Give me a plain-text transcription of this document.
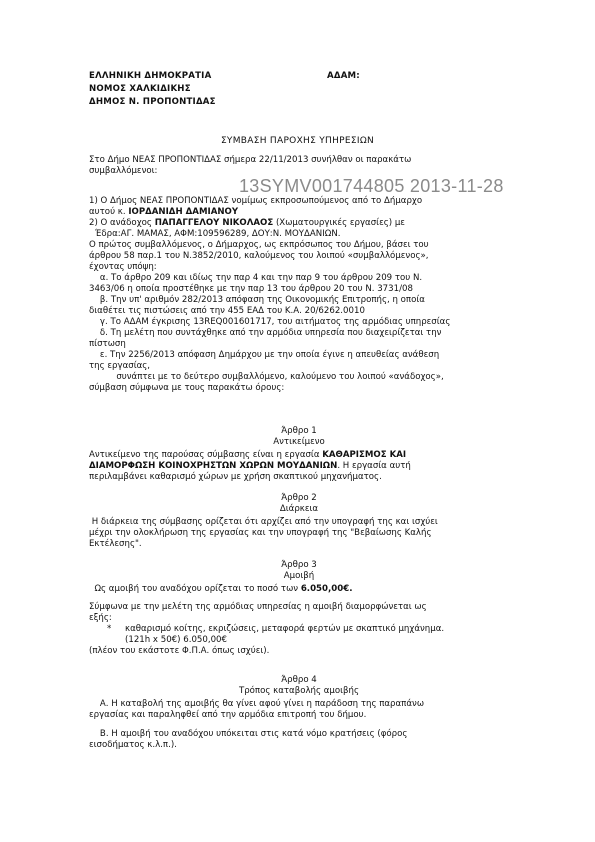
ΕΛΛΗΝΙΚΗ ΔΗΜΟΚΡΑΤΙΑ
ΝΟΜΟΣ ΧΑΛΚΙΔΙΚΗΣ
ΔΗΜΟΣ Ν. ΠΡΟΠΟΝΤΙΔΑΣ
ΑΔΑΜ:
ΣΥΜΒΑΣΗ ΠΑΡΟΧΗΣ ΥΠΗΡΕΣΙΩΝ

Στο Δήμο ΝΕΑΣ ΠΡΟΠΟΝΤΙΔΑΣ σήμερα 22/11/2013 συνήλθαν οι παρακάτω

συμβαλλόμενοι:

13SYMV001744805 2013-11-28

1) Ο Δήμος ΝΕΑΣ ΠΡΟΠΟΝΤΙΔΑΣ νομίμως εκπροσωπούμενος από το Δήμαρχο

αυτού κ. ΙΟΡΔΑΝΙΔΗ ΔΑΜΙΑΝΟΥ

2) Ο ανάδοχος ΠΑΠΑΓΓΕΛΟΥ ΝΙΚΟΛΑΟΣ (Χωματουργικές εργασίες) με

Έδρα:ΑΓ. ΜΑΜΑΣ, ΑΦΜ:109596289, ΔΟΥ:Ν. ΜΟΥΔΑΝΙΩΝ.

Ο πρώτος συμβαλλόμενος, ο Δήμαρχος, ως εκπρόσωπος του Δήμου, βάσει του

άρθρου 58 παρ.1 του Ν.3852/2010, καλούμενος του λοιπού «συμβαλλόμενος»,

έχοντας υπόψη:

α. Το άρθρο 209 και ιδίως την παρ 4 και την παρ 9 του άρθρου 209 του Ν.

3463/06 η οποία προστέθηκε με την παρ 13 του άρθρου 20 του Ν. 3731/08

β. Την υπ' αριθμόν 282/2013 απόφαση της Οικονομικής Επιτροπής, η οποία

διαθέτει τις πιστώσεις από την 455 ΕΑΔ του Κ.Α. 20/6262.0010

γ. Το ΑΔΑΜ έγκρισης 13REQ001601717, του αιτήματος της αρμόδιας υπηρεσίας

δ. Τη μελέτη που συντάχθηκε από την αρμόδια υπηρεσία που διαχειρίζεται την

πίστωση

ε. Την 2256/2013 απόφαση Δημάρχου με την οποία έγινε η απευθείας ανάθεση

της εργασίας,

συνάπτει με το δεύτερο συμβαλλόμενο, καλούμενο του λοιπού «ανάδοχος»,

σύμβαση σύμφωνα με τους παρακάτω όρους:

Άρθρο 1
Αντικείμενο

Αντικείμενο της παρούσας σύμβασης είναι η εργασία ΚΑΘΑΡΙΣΜΟΣ ΚΑΙ

ΔΙΑΜΟΡΦΩΣΗ ΚΟΙΝΟΧΡΗΣΤΩΝ ΧΩΡΩΝ ΜΟΥΔΑΝΙΩΝ. Η εργασία αυτή

περιλαμβάνει καθαρισμό χώρων με χρήση σκαπτικού μηχανήματος.

Άρθρο 2
Διάρκεια

Η διάρκεια της σύμβασης ορίζεται ότι αρχίζει από την υπογραφή της και ισχύει

μέχρι την ολοκλήρωση της εργασίας και την υπογραφή της "Βεβαίωσης Καλής

Εκτέλεσης".

Άρθρο 3
Αμοιβή

Ως αμοιβή του αναδόχου ορίζεται το ποσό των 6.050,00€.

Σύμφωνα με την μελέτη της αρμόδιας υπηρεσίας η αμοιβή διαμορφώνεται ως

εξής:

* καθαρισμό κοίτης, εκριζώσεις, μεταφορά φερτών με σκαπτικό μηχάνημα.

(121h x 50€) 6.050,00€

(πλέον του εκάστοτε Φ.Π.Α. όπως ισχύει).

Άρθρο 4
Τρόπος καταβολής αμοιβής

Α. Η καταβολή της αμοιβής θα γίνει αφού γίνει η παράδοση της παραπάνω

εργασίας και παραληφθεί από την αρμόδια επιτροπή του δήμου.

Β. Η αμοιβή του αναδόχου υπόκειται στις κατά νόμο κρατήσεις (φόρος

εισοδήματος κ.λ.π.).
